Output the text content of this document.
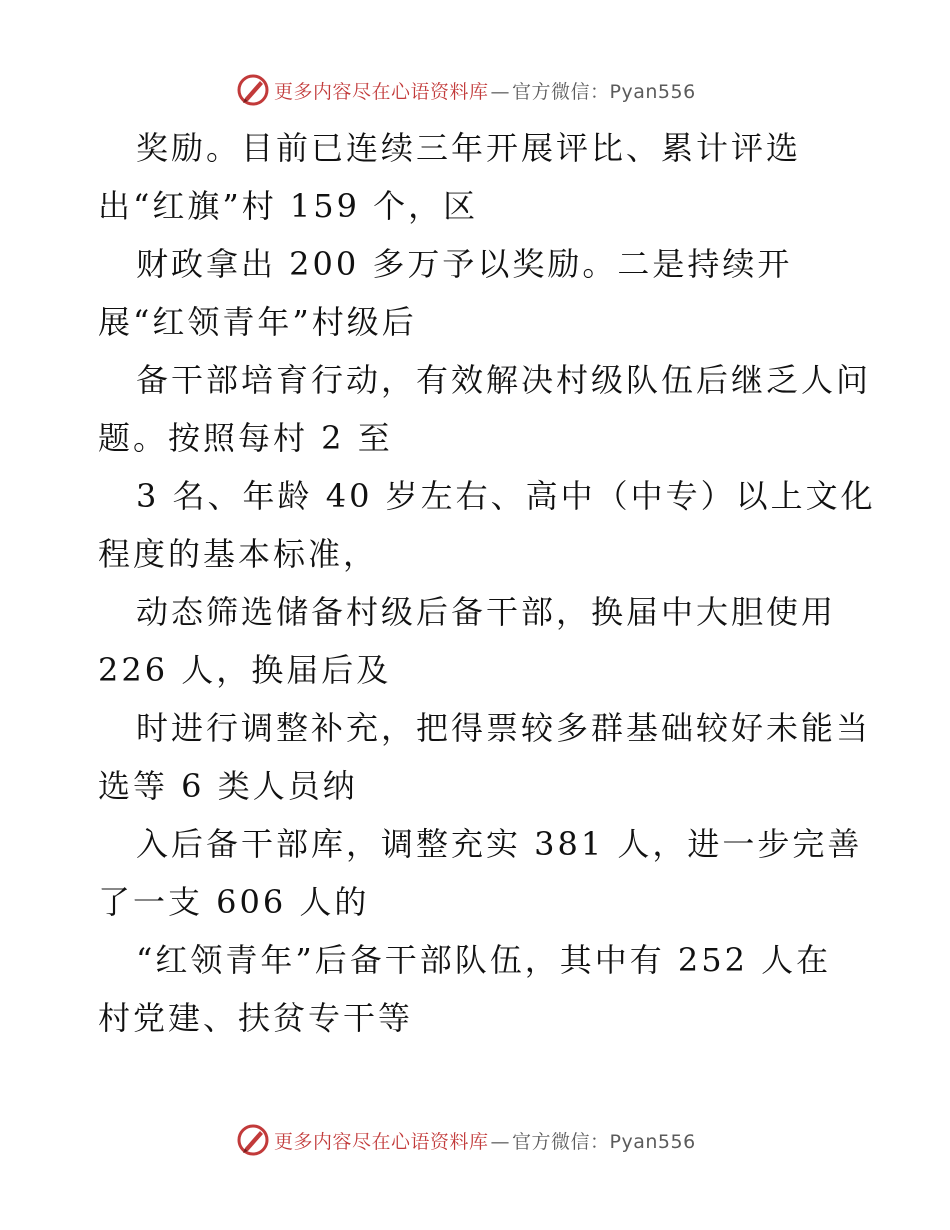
更多内容尽在心语资料库 — 官方微信：Pyan556
奖励。目前已连续三年开展评比、累计评选
出“红旗”村 159 个，区
财政拿出 200 多万予以奖励。二是持续开
展“红领青年”村级后
备干部培育行动，有效解决村级队伍后继乏人问
题。按照每村 2 至
3 名、年龄 40 岁左右、高中（中专）以上文化
程度的基本标准，
动态筛选储备村级后备干部，换届中大胆使用
226 人，换届后及
时进行调整补充，把得票较多群基础较好未能当
选等 6 类人员纳
入后备干部库，调整充实 381 人，进一步完善
了一支 606 人的
“红领青年”后备干部队伍，其中有 252 人在
村党建、扶贫专干等
更多内容尽在心语资料库 — 官方微信：Pyan556
